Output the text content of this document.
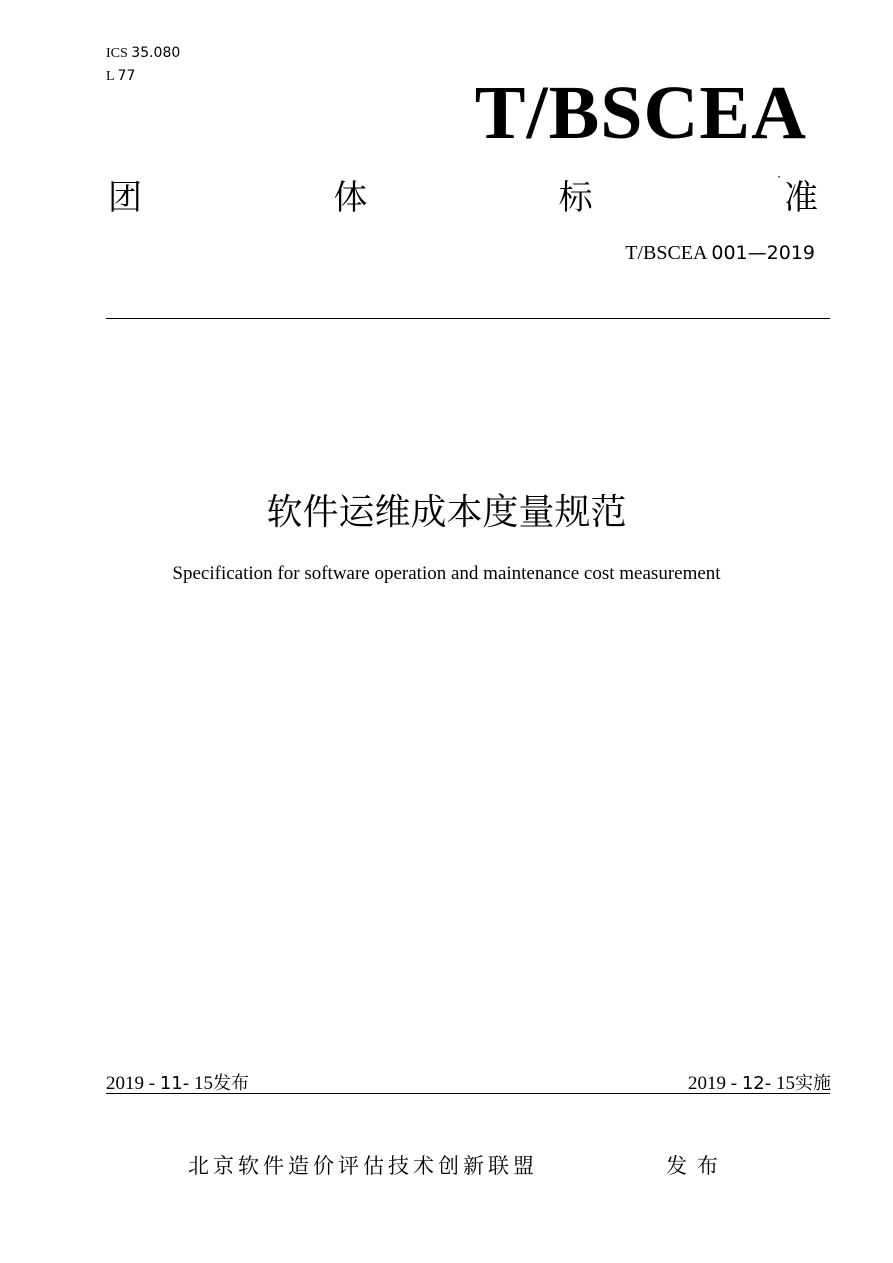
ICS 35.080
L 77	T/BSCEA
团	体	标	准
·
T/BSCEA 001—2019
软件运维成本度量规范
Specification for software operation and maintenance cost measurement
2019 - 11- 15发布	2019 - 12- 15实施
北京软件造价评估技术创新联盟	发布
